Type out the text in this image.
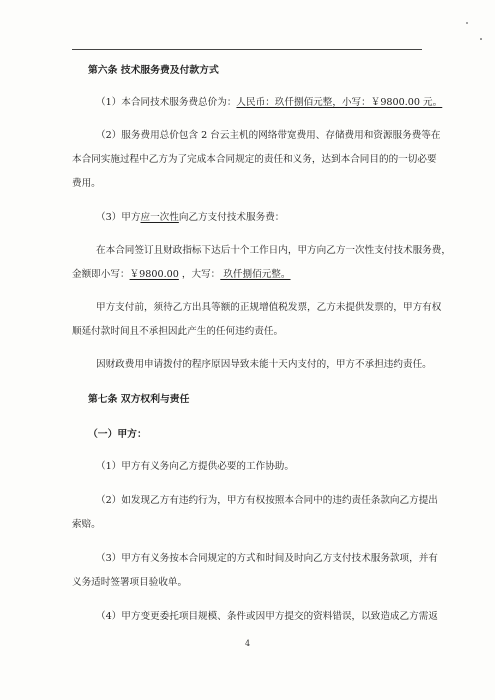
第六条 技术服务费及付款方式
（1）本合同技术服务费总价为：人民币：玖仟捌佰元整，小写：￥9800.00 元。
（2）服务费用总价包含 2 台云主机的网络带宽费用、存储费用和资源服务费等在
本合同实施过程中乙方为了完成本合同规定的责任和义务，达到本合同目的的一切必要
费用。
（3）甲方应一次性向乙方支付技术服务费：
在本合同签订且财政指标下达后十个工作日内，甲方向乙方一次性支付技术服务费，
金额即小写：￥9800.00 ，大写： 玖仟捌佰元整。
甲方支付前，须待乙方出具等额的正规增值税发票，乙方未提供发票的，甲方有权
顺延付款时间且不承担因此产生的任何违约责任。
因财政费用申请拨付的程序原因导致未能十天内支付的，甲方不承担违约责任。
第七条 双方权利与责任
（一）甲方：
（1）甲方有义务向乙方提供必要的工作协助。
（2）如发现乙方有违约行为，甲方有权按照本合同中的违约责任条款向乙方提出
索赔。
（3）甲方有义务按本合同规定的方式和时间及时向乙方支付技术服务款项，并有
义务适时签署项目验收单。
（4）甲方变更委托项目规模、条件或因甲方提交的资料错误，以致造成乙方需返
4
